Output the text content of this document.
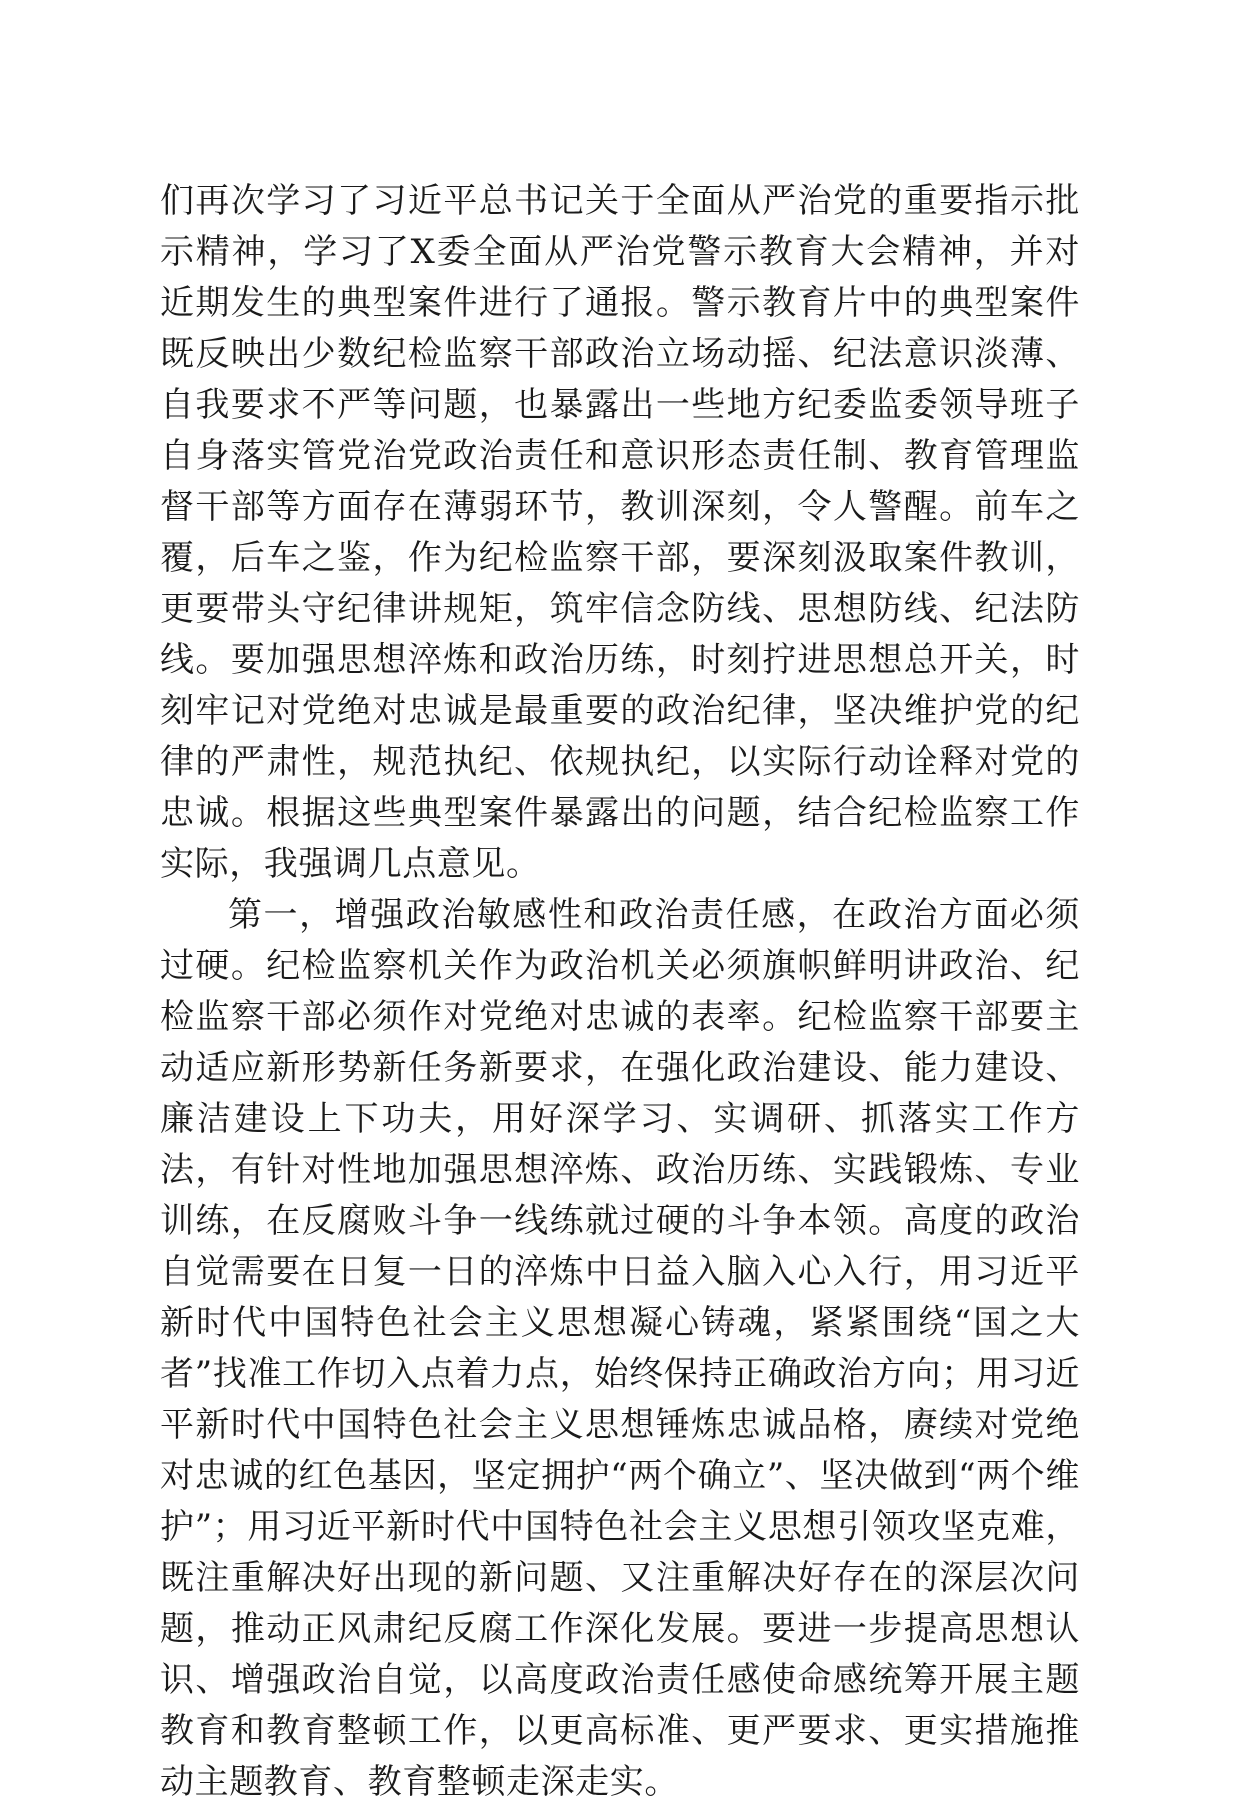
们再次学习了习近平总书记关于全面从严治党的重要指示批示精神，学习了X委全面从严治党警示教育大会精神，并对近期发生的典型案件进行了通报。警示教育片中的典型案件既反映出少数纪检监察干部政治立场动摇、纪法意识淡薄、自我要求不严等问题，也暴露出一些地方纪委监委领导班子自身落实管党治党政治责任和意识形态责任制、教育管理监督干部等方面存在薄弱环节，教训深刻，令人警醒。前车之覆，后车之鉴，作为纪检监察干部，要深刻汲取案件教训，更要带头守纪律讲规矩，筑牢信念防线、思想防线、纪法防线。要加强思想淬炼和政治历练，时刻拧进思想总开关，时刻牢记对党绝对忠诚是最重要的政治纪律，坚决维护党的纪律的严肃性，规范执纪、依规执纪，以实际行动诠释对党的忠诚。根据这些典型案件暴露出的问题，结合纪检监察工作实际，我强调几点意见。

第一，增强政治敏感性和政治责任感，在政治方面必须过硬。纪检监察机关作为政治机关必须旗帜鲜明讲政治、纪检监察干部必须作对党绝对忠诚的表率。纪检监察干部要主动适应新形势新任务新要求，在强化政治建设、能力建设、廉洁建设上下功夫，用好深学习、实调研、抓落实工作方法，有针对性地加强思想淬炼、政治历练、实践锻炼、专业训练，在反腐败斗争一线练就过硬的斗争本领。高度的政治自觉需要在日复一日的淬炼中日益入脑入心入行，用习近平新时代中国特色社会主义思想凝心铸魂，紧紧围绕“国之大者”找准工作切入点着力点，始终保持正确政治方向；用习近平新时代中国特色社会主义思想锤炼忠诚品格，赓续对党绝对忠诚的红色基因，坚定拥护“两个确立”、坚决做到“两个维护”；用习近平新时代中国特色社会主义思想引领攻坚克难，既注重解决好出现的新问题、又注重解决好存在的深层次问题，推动正风肃纪反腐工作深化发展。要进一步提高思想认识、增强政治自觉，以高度政治责任感使命感统筹开展主题教育和教育整顿工作，以更高标准、更严要求、更实措施推动主题教育、教育整顿走深走实。
